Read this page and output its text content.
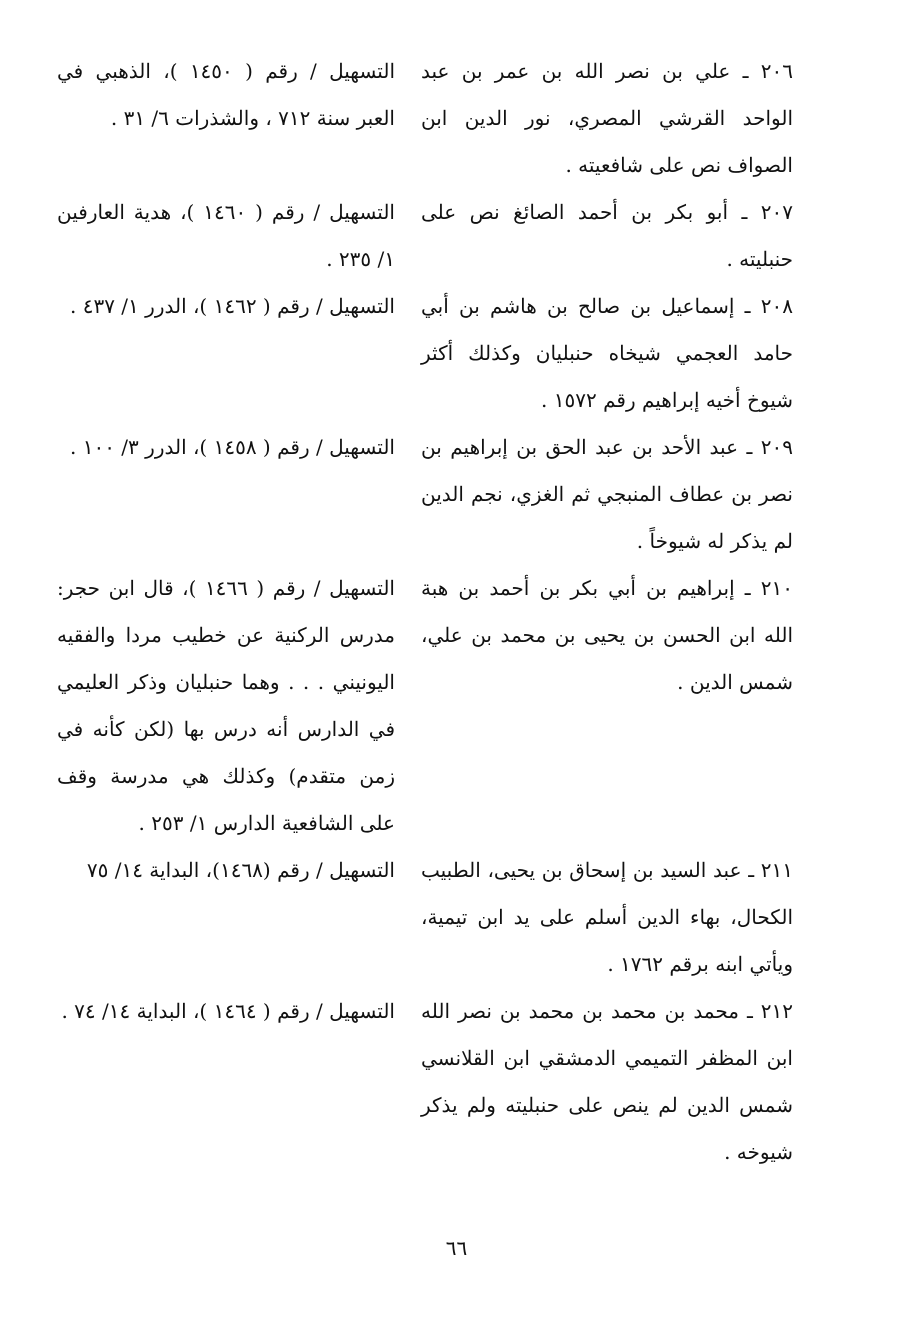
٢٠٦ ـ علي بن نصر الله بن عمر بن عبد الواحد القرشي المصري، نور الدين ابن الصواف نص على شافعيته .
التسهيل / رقم ( ١٤٥٠ )، الذهبي في العبر سنة ٧١٢ ، والشذرات ٦/ ٣١ .
٢٠٧ ـ أبو بكر بن أحمد الصائغ نص على حنبليته .
التسهيل / رقم ( ١٤٦٠ )، هدية العارفين ١/ ٢٣٥ .
٢٠٨ ـ إسماعيل بن صالح بن هاشم بن أبي حامد العجمي شيخاه حنبليان وكذلك أكثر شيوخ أخيه إبراهيم رقم ١٥٧٢ .
التسهيل / رقم ( ١٤٦٢ )، الدرر ١/ ٤٣٧ .
٢٠٩ ـ عبد الأحد بن عبد الحق بن إبراهيم بن نصر بن عطاف المنبجي ثم الغزي، نجم الدين لم يذكر له شيوخاً .
التسهيل / رقم ( ١٤٥٨ )، الدرر ٣/ ١٠٠ .
٢١٠ ـ إبراهيم بن أبي بكر بن أحمد بن هبة الله ابن الحسن بن يحيى بن محمد بن علي، شمس الدين .
التسهيل / رقم ( ١٤٦٦ )، قال ابن حجر: مدرس الركنية عن خطيب مردا والفقيه اليونيني . . . وهما حنبليان وذكر العليمي في الدارس أنه درس بها (لكن كأنه في زمن متقدم) وكذلك هي مدرسة وقف على الشافعية الدارس ١/ ٢٥٣ .
٢١١ ـ عبد السيد بن إسحاق بن يحيى، الطبيب الكحال، بهاء الدين أسلم على يد ابن تيمية، ويأتي ابنه برقم ١٧٦٢ .
التسهيل / رقم (١٤٦٨)، البداية ١٤/ ٧٥
٢١٢ ـ محمد بن محمد بن محمد بن نصر الله ابن المظفر التميمي الدمشقي ابن القلانسي شمس الدين لم ينص على حنبليته ولم يذكر شيوخه .
التسهيل / رقم ( ١٤٦٤ )، البداية ١٤/ ٧٤ .
٦٦
